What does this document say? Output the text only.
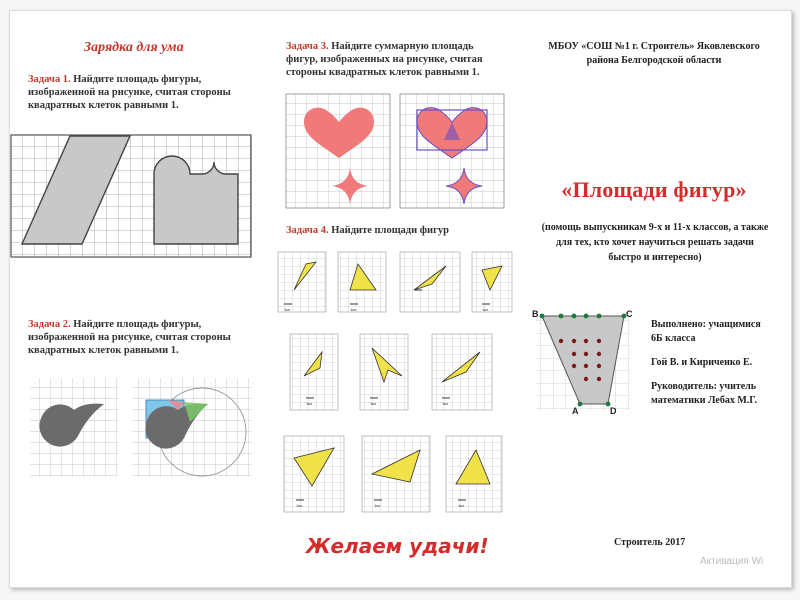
Зарядка для ума
Задача 1. Найдите площадь фигуры, изображенной на рисунке, считая стороны квадратных клеток равными 1.
Задача 2. Найдите площадь фигуры, изображенной на рисунке, считая стороны квадратных клеток равными 1.
Задача 3. Найдите суммарную площадь фигур, изображенных на рисунке, считая стороны квадратных клеток равными 1.
Задача 4. Найдите площади фигур
1кл	1кл	1кл
1кл	1кл	1кл
1кл	1кл	1кл
Желаем удачи!
МБОУ «СОШ №1 г. Строитель» Яковлевского
района Белгородской области
«Площади фигур»
(помощь выпускникам 9-х и 11-х классов, а также
для тех, кто хочет научиться решать задачи
быстро и интересно)
B	C
A	D
Выполнено: учащимися
6Б класса
Гой В. и Кириченко Е.
Руководитель: учитель
математики Лебах М.Г.
Строитель 2017
Активация Wi
